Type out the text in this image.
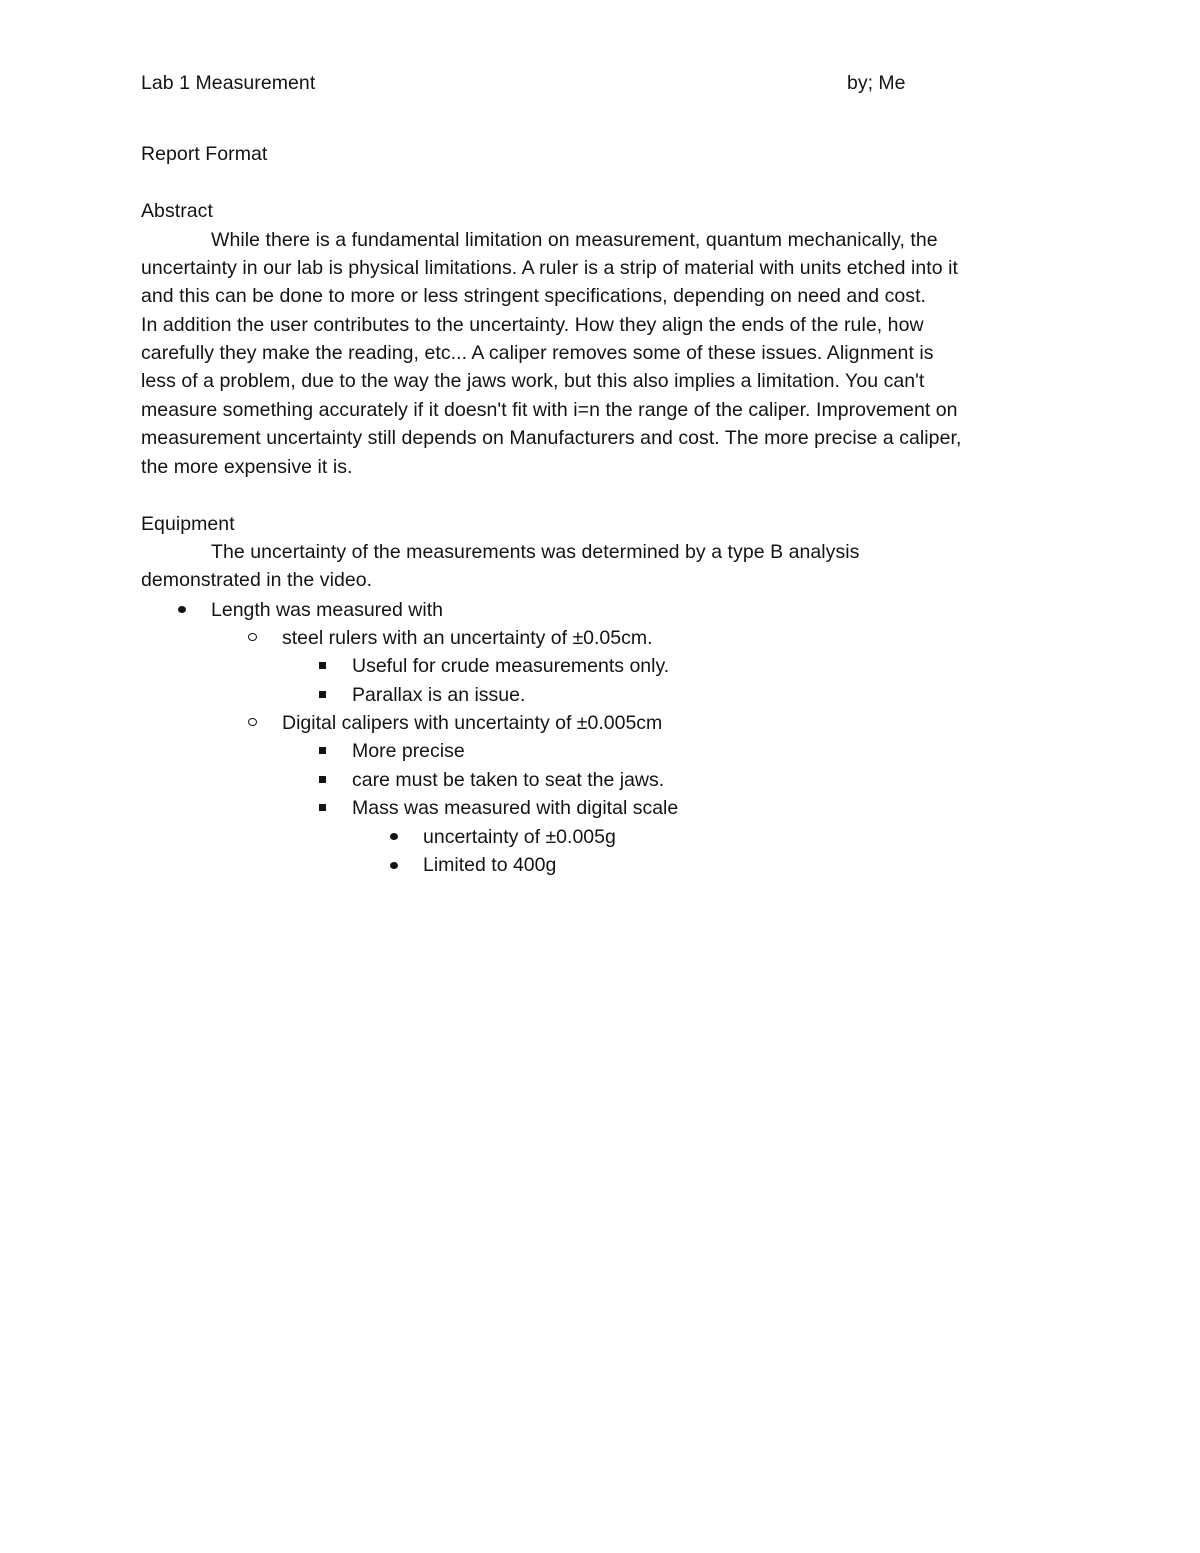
Lab 1 Measurement	by; Me
Report Format
Abstract
While there is a fundamental limitation on measurement, quantum mechanically, the
uncertainty in our lab is physical limitations. A ruler is a strip of material with units etched into it
and this can be done to more or less stringent specifications, depending on need and cost.
In addition the user contributes to the uncertainty. How they align the ends of the rule, how
carefully they make the reading, etc... A caliper removes some of these issues. Alignment is
less of a problem, due to the way the jaws work, but this also implies a limitation. You can't
measure something accurately if it doesn't fit with i=n the range of the caliper. Improvement on
measurement uncertainty still depends on Manufacturers and cost. The more precise a caliper,
the more expensive it is.
Equipment
The uncertainty of the measurements was determined by a type B analysis
demonstrated in the video.
Length was measured with
steel rulers with an uncertainty of ±0.05cm.
Useful for crude measurements only.
Parallax is an issue.
Digital calipers with uncertainty of ±0.005cm
More precise
care must be taken to seat the jaws.
Mass was measured with digital scale
uncertainty of ±0.005g
Limited to 400g
